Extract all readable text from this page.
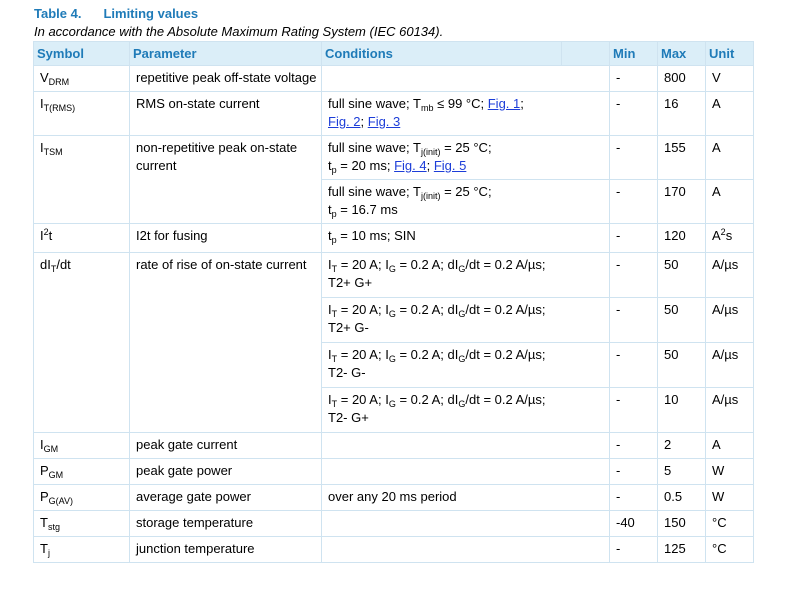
Table 4. Limiting values
In accordance with the Absolute Maximum Rating System (IEC 60134).
Symbol	Parameter	Conditions		Min	Max	Unit
$V_{DRM}$	repetitive peak off-state voltage			-	800	V
$I_{T(RMS)}$	RMS on-state current	full sine wave; $T_{mb} \le 99$ °C; Fig. 1;
Fig. 2; Fig. 3		-	16	A
$I_{TSM}$	non-repetitive peak on-state current	full sine wave; $T_{j(init)} = 25$ °C;
$t_p = 20$ ms; Fig. 4; Fig. 5		-	155	A
		full sine wave; $T_{j(init)} = 25$ °C;
$t_p = 16.7$ ms		-	170	A
$I^2t$	I2t for fusing	$t_p = 10$ ms; SIN		-	120	$A^2s$
$dI_T/dt$	rate of rise of on-state current	$I_T = 20$ A; $I_G = 0.2$ A; $dI_G/dt = 0.2$ A/µs;
T2+ G+		-	50	A/µs
		$I_T = 20$ A; $I_G = 0.2$ A; $dI_G/dt = 0.2$ A/µs;
T2+ G-		-	50	A/µs
		$I_T = 20$ A; $I_G = 0.2$ A; $dI_G/dt = 0.2$ A/µs;
T2- G-		-	50	A/µs
		$I_T = 20$ A; $I_G = 0.2$ A; $dI_G/dt = 0.2$ A/µs;
T2- G+		-	10	A/µs
$I_{GM}$	peak gate current			-	2	A
$P_{GM}$	peak gate power			-	5	W
$P_{G(AV)}$	average gate power	over any 20 ms period		-	0.5	W
$T_{stg}$	storage temperature			-40	150	°C
$T_j$	junction temperature			-	125	°C
